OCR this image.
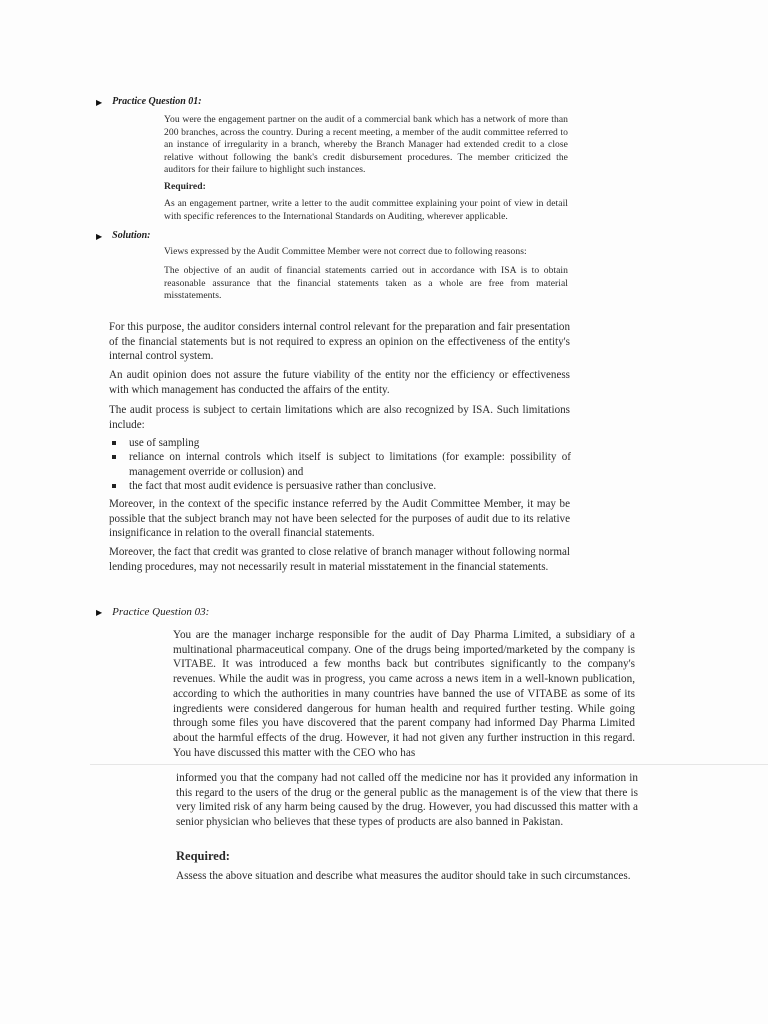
▶ Practice Question 01:

You were the engagement partner on the audit of a commercial bank which has a network of more than 200 branches, across the country. During a recent meeting, a member of the audit committee referred to an instance of irregularity in a branch, whereby the Branch Manager had extended credit to a close relative without following the bank's credit disbursement procedures. The member criticized the auditors for their failure to highlight such instances.

Required:

As an engagement partner, write a letter to the audit committee explaining your point of view in detail with specific references to the International Standards on Auditing, wherever applicable.

▶ Solution:

Views expressed by the Audit Committee Member were not correct due to following reasons:

The objective of an audit of financial statements carried out in accordance with ISA is to obtain reasonable assurance that the financial statements taken as a whole are free from material misstatements.

For this purpose, the auditor considers internal control relevant for the preparation and fair presentation of the financial statements but is not required to express an opinion on the effectiveness of the entity's internal control system.

An audit opinion does not assure the future viability of the entity nor the efficiency or effectiveness with which management has conducted the affairs of the entity.

The audit process is subject to certain limitations which are also recognized by ISA. Such limitations include:

use of sampling
reliance on internal controls which itself is subject to limitations (for example: possibility of management override or collusion) and
the fact that most audit evidence is persuasive rather than conclusive.

Moreover, in the context of the specific instance referred by the Audit Committee Member, it may be possible that the subject branch may not have been selected for the purposes of audit due to its relative insignificance in relation to the overall financial statements.

Moreover, the fact that credit was granted to close relative of branch manager without following normal lending procedures, may not necessarily result in material misstatement in the financial statements.

▶ Practice Question 03:

You are the manager incharge responsible for the audit of Day Pharma Limited, a subsidiary of a multinational pharmaceutical company. One of the drugs being imported/marketed by the company is VITABE. It was introduced a few months back but contributes significantly to the company's revenues. While the audit was in progress, you came across a news item in a well-known publication, according to which the authorities in many countries have banned the use of VITABE as some of its ingredients were considered dangerous for human health and required further testing. While going through some files you have discovered that the parent company had informed Day Pharma Limited about the harmful effects of the drug. However, it had not given any further instruction in this regard. You have discussed this matter with the CEO who has

informed you that the company had not called off the medicine nor has it provided any information in this regard to the users of the drug or the general public as the management is of the view that there is very limited risk of any harm being caused by the drug. However, you had discussed this matter with a senior physician who believes that these types of products are also banned in Pakistan.

Required:

Assess the above situation and describe what measures the auditor should take in such circumstances.
